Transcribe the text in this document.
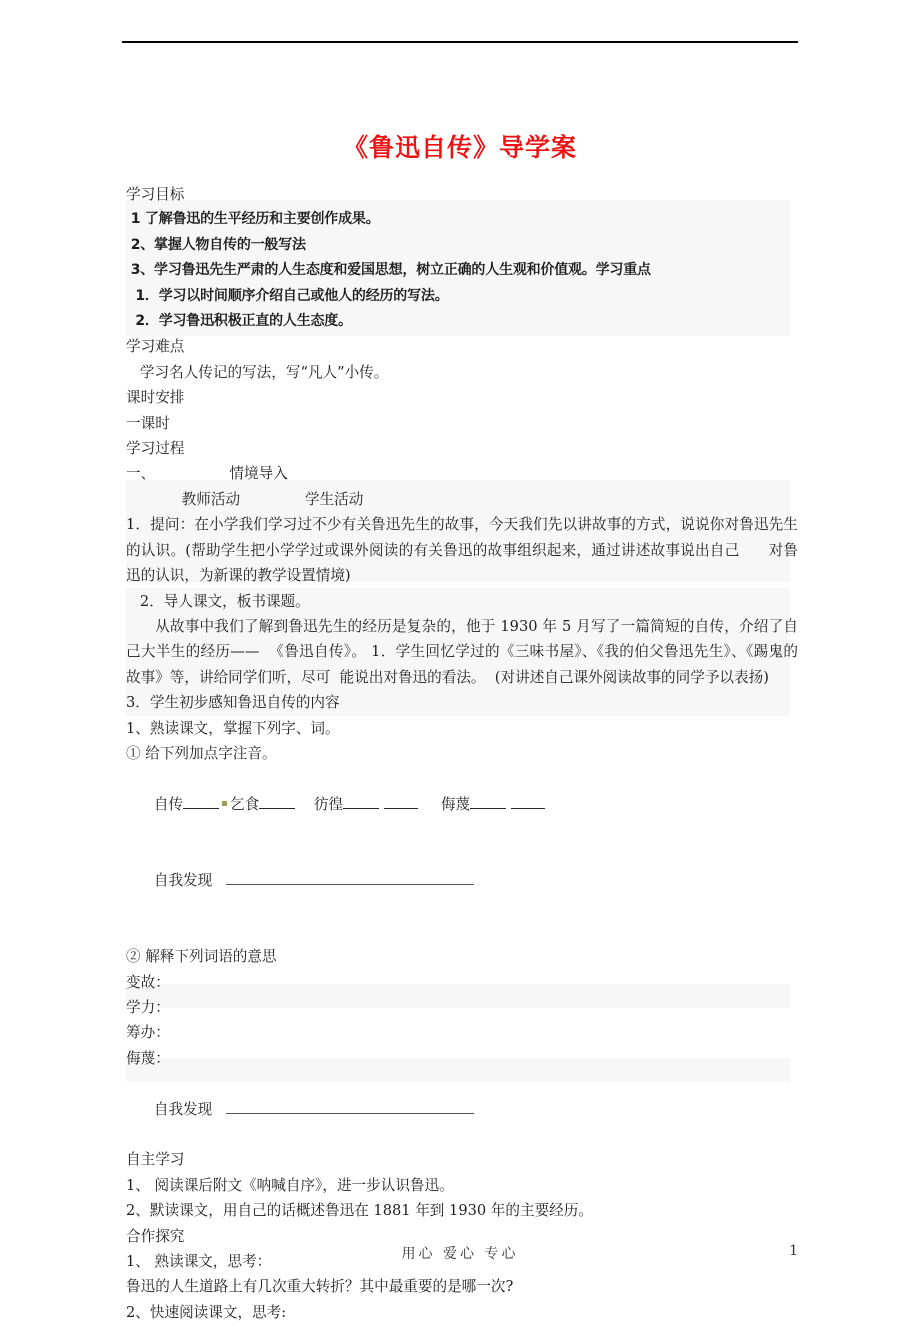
《鲁迅自传》导学案
学习目标
1 了解鲁迅的生平经历和主要创作成果。
2、掌握人物自传的一般写法
3、学习鲁迅先生严肃的人生态度和爱国思想，树立正确的人生观和价值观。学习重点
1．学习以时间顺序介绍自己或他人的经历的写法。
2．学习鲁迅积极正直的人生态度。
学习难点
学习名人传记的写法，写“凡人”小传。
课时安排
一课时
学习过程
一、                情境导入
教师活动              学生活动
1．提问：在小学我们学习过不少有关鲁迅先生的故事，今天我们先以讲故事的方式，说说你对鲁迅先生的认识。(帮助学生把小学学过或课外阅读的有关鲁迅的故事组织起来，通过讲述故事说出自己      对鲁迅的认识，为新课的教学设置情境)
2．导人课文，板书课题。
从故事中我们了解到鲁迅先生的经历是复杂的，他于 1930 年 5 月写了一篇简短的自传，介绍了自己大半生的经历——  《鲁迅自传》。 1．学生回忆学过的《三味书屋》、《我的伯父鲁迅先生》、《踢鬼的  故事》等，讲给同学们听，尽可  能说出对鲁迅的看法。  (对讲述自己课外阅读故事的同学予以表扬)
3．学生初步感知鲁迅自传的内容
1、熟读课文，掌握下列字、词。
① 给下列加点字注音。

自传	乞食	彷徨	侮蔑

自我发现

② 解释下列词语的意思
变故：
学力：
筹办：
侮蔑：

自我发现

自主学习
1、 阅读课后附文《呐喊自序》，进一步认识鲁迅。
2、默读课文，用自己的话概述鲁迅在 1881 年到 1930 年的主要经历。
合作探究
1、 熟读课文，思考：
鲁迅的人生道路上有几次重大转折？其中最重要的是哪一次?
2、快速阅读课文，思考:
用心 爱心 专心	1
